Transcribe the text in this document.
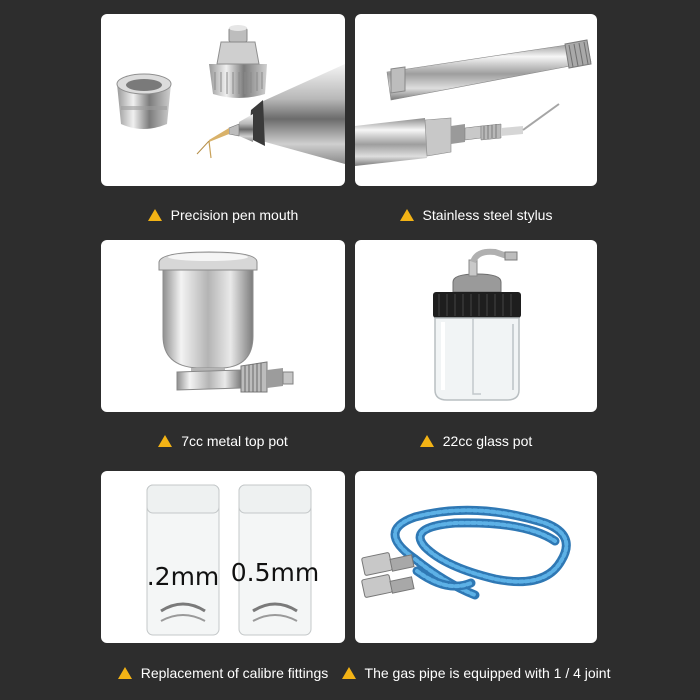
Precision pen mouth	Stainless steel stylus
7cc metal top pot	22cc glass pot
.2mm 0.5mm
Replacement of calibre fittings	The gas pipe is equipped with 1 / 4 joint
